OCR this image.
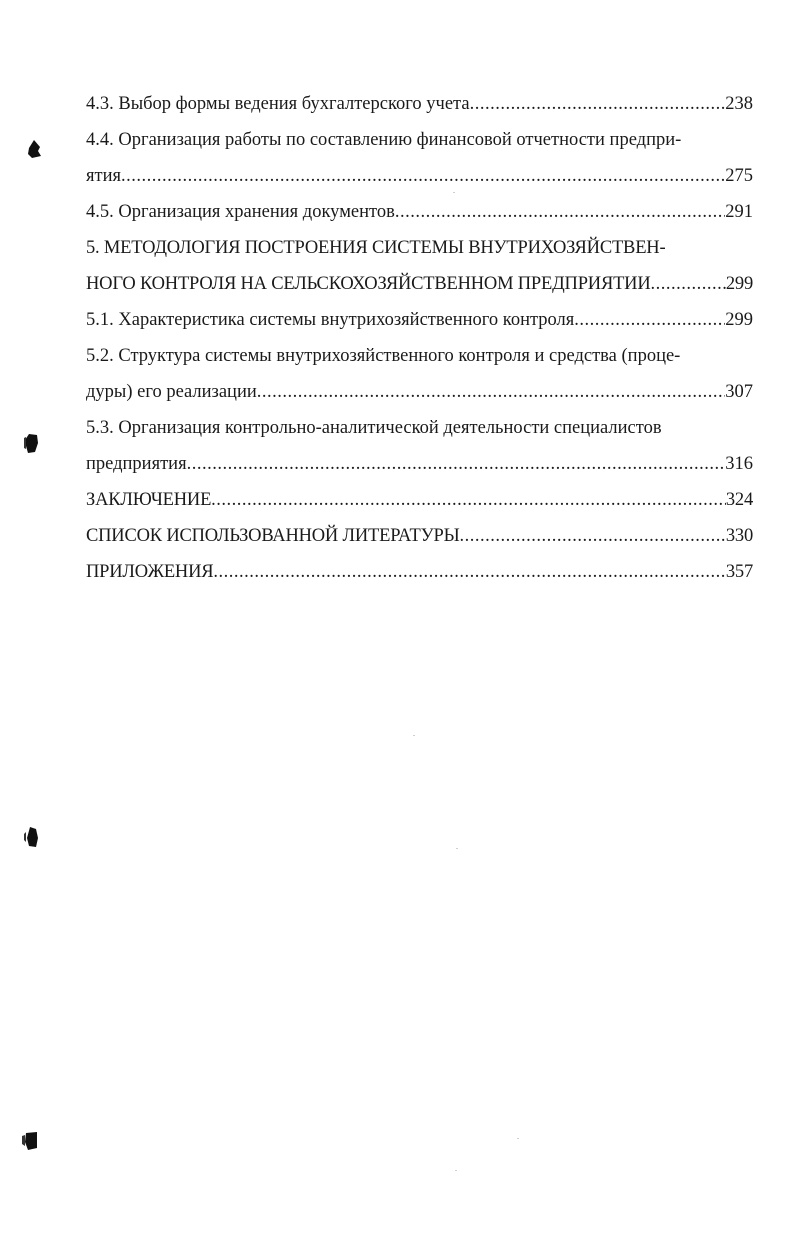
4.3. Выбор формы ведения бухгалтерского учета .....	238
4.4. Организация работы по составлению финансовой отчетности предпри-
ятия .....	275
4.5. Организация хранения документов .....	291
5. МЕТОДОЛОГИЯ ПОСТРОЕНИЯ СИСТЕМЫ ВНУТРИХОЗЯЙСТВЕН-
НОГО КОНТРОЛЯ НА СЕЛЬСКОХОЗЯЙСТВЕННОМ ПРЕДПРИЯТИИ .....	299
5.1. Характеристика системы внутрихозяйственного контроля .....	299
5.2. Структура системы внутрихозяйственного контроля и средства (проце-
дуры) его реализации .....	307
5.3. Организация контрольно-аналитической деятельности специалистов
предприятия .....	316
ЗАКЛЮЧЕНИЕ .....	324
СПИСОК ИСПОЛЬЗОВАННОЙ ЛИТЕРАТУРЫ .....	330
ПРИЛОЖЕНИЯ .....	357
